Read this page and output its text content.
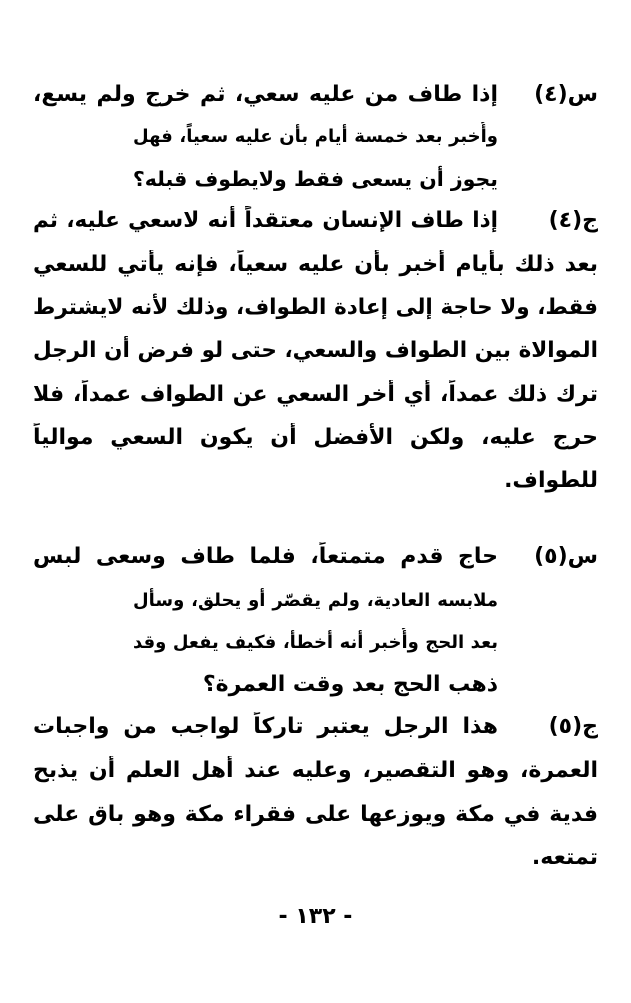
س(٤)
إذا طاف من عليه سعي، ثم خرج ولم يسع،
وأُخبر بعد خمسة أيام بأن عليه سعياً، فهل
يجوز أن يسعى فقط ولايطوف قبله؟
ج(٤)
إذا طاف الإنسان معتقداً أنه لاسعي عليه، ثم
بعد ذلك بأيام أُخبر بأن عليه سعياً، فإنه يأتي للسعي
فقط، ولا حاجة إلى إعادة الطواف، وذلك لأنه لايشترط
الموالاة بين الطواف والسعي، حتى لو فرض أن الرجل
ترك ذلك عمداً، أي أخر السعي عن الطواف عمداً، فلا
حرج عليه، ولكن الأفضل أن يكون السعي موالياً
للطواف.
س(٥)
حاج قدم متمتعاً، فلما طاف وسعى لبس
ملابسه العادية، ولم يقصّر أو يحلق، وسأل
بعد الحج وأُخبر أنه أخطأ، فكيف يفعل وقد
ذهب الحج بعد وقت العمرة؟
ج(٥)
هذا الرجل يعتبر تاركاً لواجب من واجبات
العمرة، وهو التقصير، وعليه عند أهل العلم أن يذبح
فدية في مكة ويوزعها على فقراء مكة وهو باق على
تمتعه.
- ١٣٢ -
